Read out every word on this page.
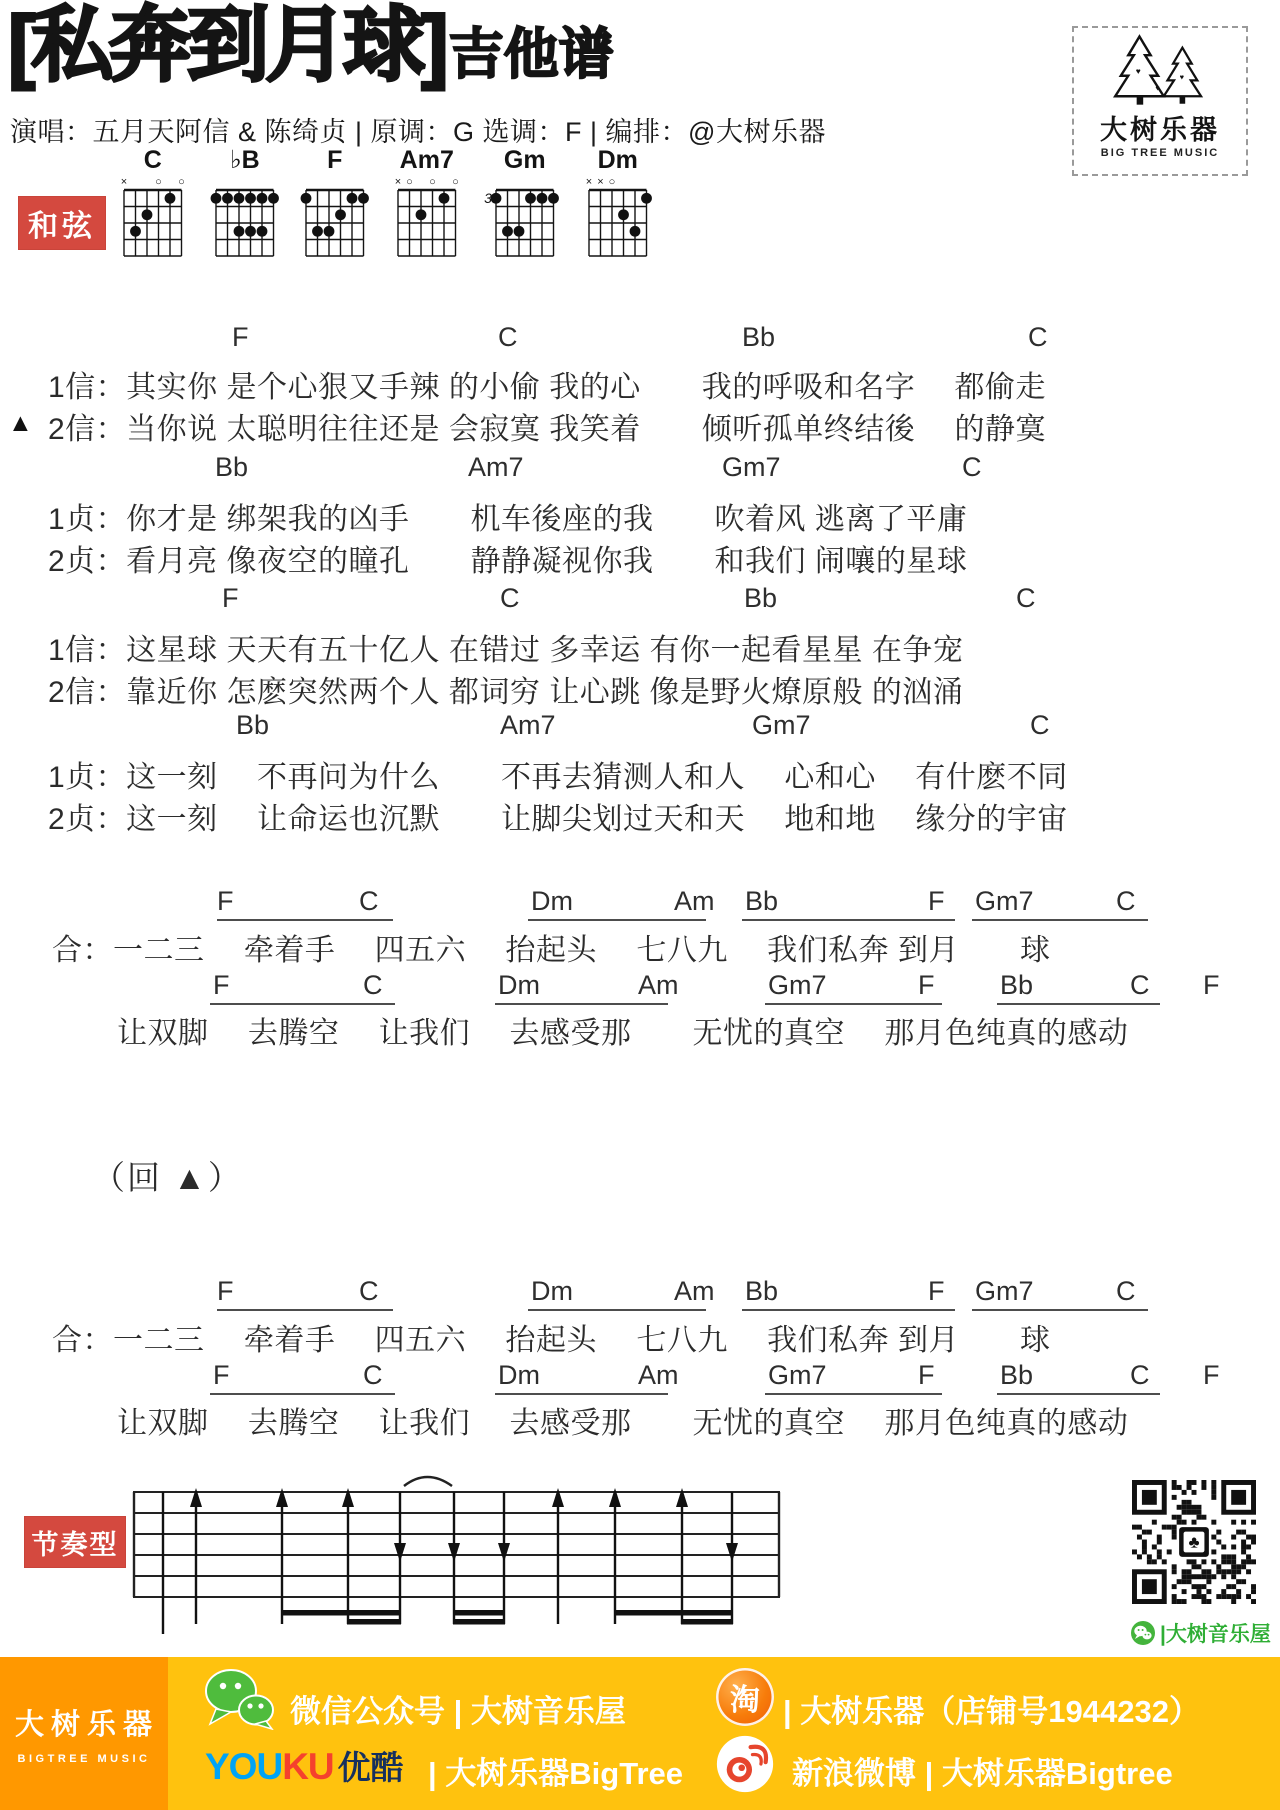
[私奔到月球] 吉他谱
演唱：五月天阿信 & 陈绮贞 | 原调：G 选调：F | 编排：@大树乐器
♥
♥
♥
大树乐器
BIG TREE MUSIC
和弦
节奏型
（回 ▲）
♣
|大树音乐屋
大树乐器
BIGTREE MUSIC
微信公众号 | 大树音乐屋	淘 | 大树乐器（店铺号1944232）
YOU KU 优酷 | 大树乐器BigTree	新浪微博 | 大树乐器Bigtree
C
×	○ ○
♭B	F Am7
× ○ ○ ○
Gm
3
Dm
× × ○
F	C	Bb	C
1信：其实你 是个心狠又手辣 的小偷 我的心　　我的呼吸和名字　 都偷走
▲ 2信：当你说 太聪明往往还是 会寂寞 我笑着　　倾听孤单终结後　 的静寞
Bb	Am7	Gm7	C
1贞：你才是 绑架我的凶手　　机车後座的我　　吹着风 逃离了平庸
2贞：看月亮 像夜空的瞳孔　　静静凝视你我　　和我们 闹嚷的星球
F	C	Bb	C
1信：这星球 天天有五十亿人 在错过 多幸运 有你一起看星星 在争宠
2信：靠近你 怎麽突然两个人 都词穷 让心跳 像是野火燎原般 的汹涌
Bb	Am7	Gm7	C
1贞：这一刻　 不再问为什么　　不再去猜测人和人　 心和心　 有什麽不同
2贞：这一刻　 让命运也沉默　　让脚尖划过天和天　 地和地　 缘分的宇宙
F	C	Dm	Am Bb	F Gm7	C
F	C	Dm	Am	Gm7	F Bb	C F
合：一二三　 牵着手　 四五六　 抬起头　 七八九　 我们私奔 到月　　球
让双脚　 去腾空　 让我们　 去感受那　　无忧的真空　 那月色纯真的感动
F	C	Dm	Am Bb	F Gm7	C
F	C	Dm	Am	Gm7	F Bb	C F
合：一二三　 牵着手　 四五六　 抬起头　 七八九　 我们私奔 到月　　球
让双脚　 去腾空　 让我们　 去感受那　　无忧的真空　 那月色纯真的感动
